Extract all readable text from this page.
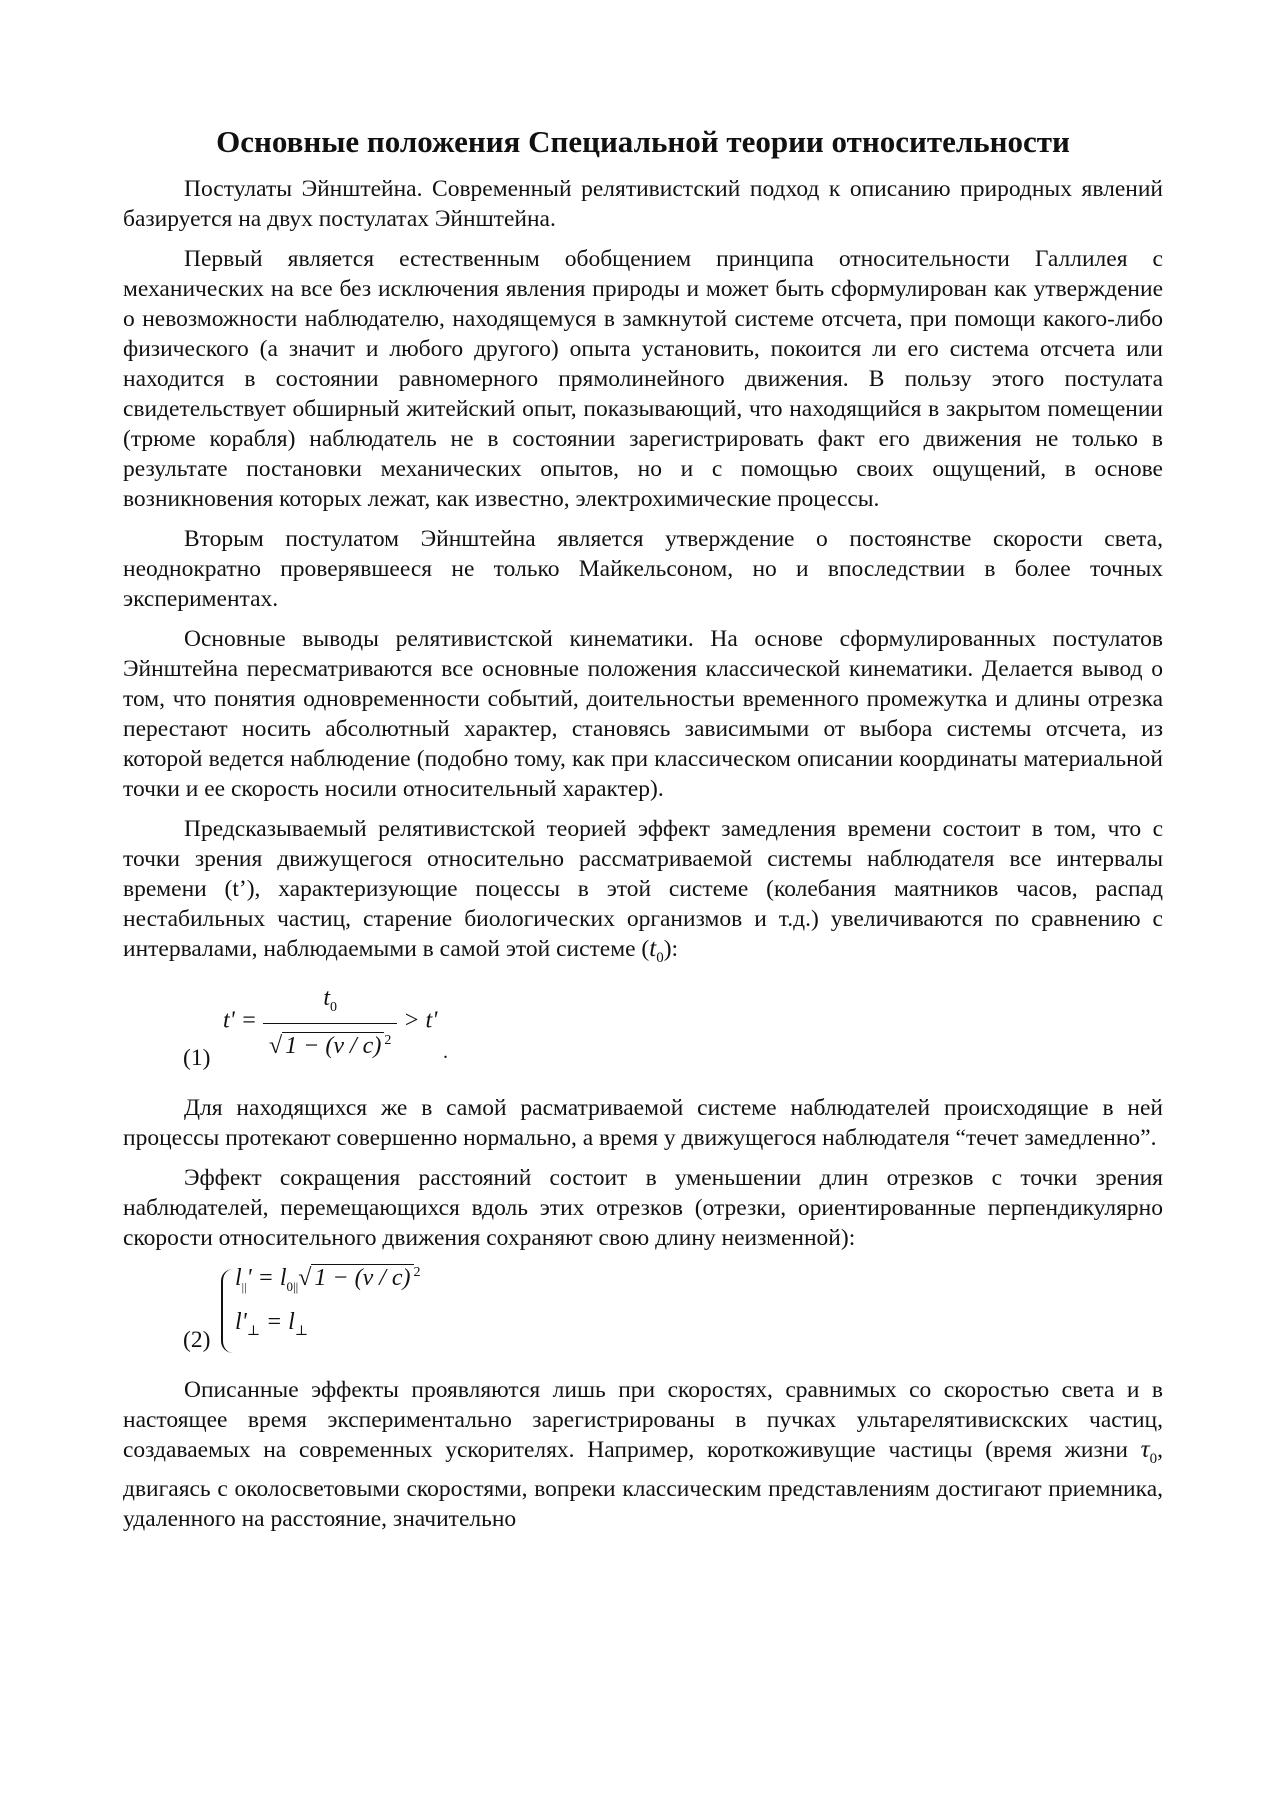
Основные положения Специальной теории относительности

Постулаты Эйнштейна. Современный релятивистский подход к описанию природных явлений базируется на двух постулатах Эйнштейна.

Первый является естественным обобщением принципа относительности Галлилея с механических на все без исключения явления природы и может быть сформулирован как утверждение о невозможности наблюдателю, находящемуся в замкнутой системе отсчета, при помощи какого-либо физического (а значит и любого другого) опыта установить, покоится ли его система отсчета или находится в состоянии равномерного прямолинейного движения. В пользу этого постулата свидетельствует обширный житейский опыт, показывающий, что находящийся в закрытом помещении (трюме корабля) наблюдатель не в состоянии зарегистрировать факт его движения не только в результате постановки механических опытов, но и с помощью своих ощущений, в основе возникновения которых лежат, как известно, электрохимические процессы.

Вторым постулатом Эйнштейна является утверждение о постоянстве скорости света, неоднократно проверявшееся не только Майкельсоном, но и впоследствии в более точных экспериментах.

Основные выводы релятивистской кинематики. На основе сформулированных постулатов Эйнштейна пересматриваются все основные положения классической кинематики. Делается вывод о том, что понятия одновременности событий, доительностьи временного промежутка и длины отрезка перестают носить абсолютный характер, становясь зависимыми от выбора системы отсчета, из которой ведется наблюдение (подобно тому, как при классическом описании координаты материальной точки и ее скорость носили относительный характер).

Предсказываемый релятивистской теорией эффект замедления времени состоит в том, что с точки зрения движущегося относительно рассматриваемой системы наблюдателя все интервалы времени (t’), характеризующие поцессы в этой системе (колебания маятников часов, распад нестабильных частиц, старение биологических организмов и т.д.) увеличиваются по сравнению с интервалами, наблюдаемыми в самой этой системе $(t_0)$:

$t' = \frac{t_0}{√ 1 - (v / c) ^2} > t'$
(1)	.

Для находящихся же в самой расматриваемой системе наблюдателей происходящие в ней процессы протекают совершенно нормально, а время у движущегося наблюдателя “течет замедленно”.

Эффект сокращения расстояний состоит в уменьшении длин отрезков с точки зрения наблюдателей, перемещающихся вдоль этих отрезков (отрезки, ориентированные перпендикулярно скорости относительного движения сохраняют свою длину неизменной):

$l_{||}' = l_{0||}√$ 1 − (v / c) $^2$
$l'_\perp = l_\perp$
(2)

Описанные эффекты проявляются лишь при скоростях, сравнимых со скоростью света и в настоящее время экспериментально зарегистрированы в пучках ультарелятивискских частиц, создаваемых на современных ускорителях. Например, короткоживущие частицы (время жизни $\tau_0$, двигаясь с околосветовыми скоростями, вопреки классическим представлениям достигают приемника, удаленного на расстояние, значительно
